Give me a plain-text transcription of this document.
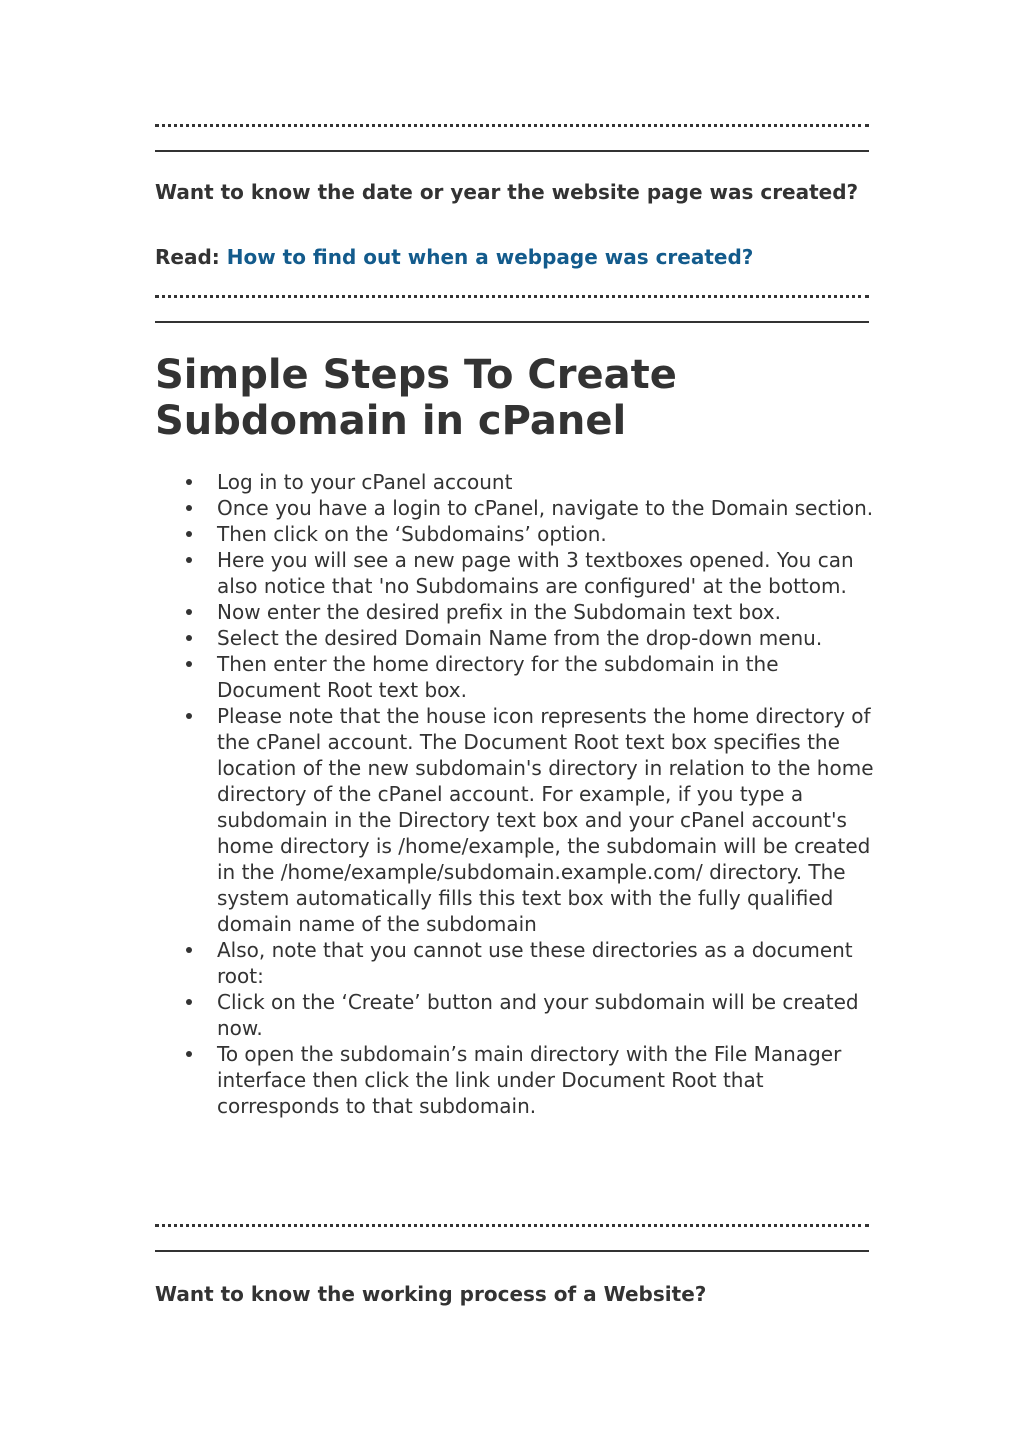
Want to know the date or year the website page was created?
Read: How to find out when a webpage was created?
Simple Steps To Create Subdomain in cPanel
Log in to your cPanel account
Once you have a login to cPanel, navigate to the Domain section.
Then click on the ‘Subdomains’ option.
Here you will see a new page with 3 textboxes opened. You can also notice that 'no Subdomains are configured' at the bottom.
Now enter the desired prefix in the Subdomain text box.
Select the desired Domain Name from the drop-down menu.
Then enter the home directory for the subdomain in the Document Root text box.
Please note that the house icon represents the home directory of the cPanel account. The Document Root text box specifies the location of the new subdomain's directory in relation to the home directory of the cPanel account. For example, if you type a subdomain in the Directory text box and your cPanel account's home directory is /home/example, the subdomain will be created in the /home/example/subdomain.example.com/ directory. The system automatically fills this text box with the fully qualified domain name of the subdomain
Also, note that you cannot use these directories as a document root:
Click on the ‘Create’ button and your subdomain will be created now.
To open the subdomain’s main directory with the File Manager interface then click the link under Document Root that corresponds to that subdomain.
Want to know the working process of a Website?
